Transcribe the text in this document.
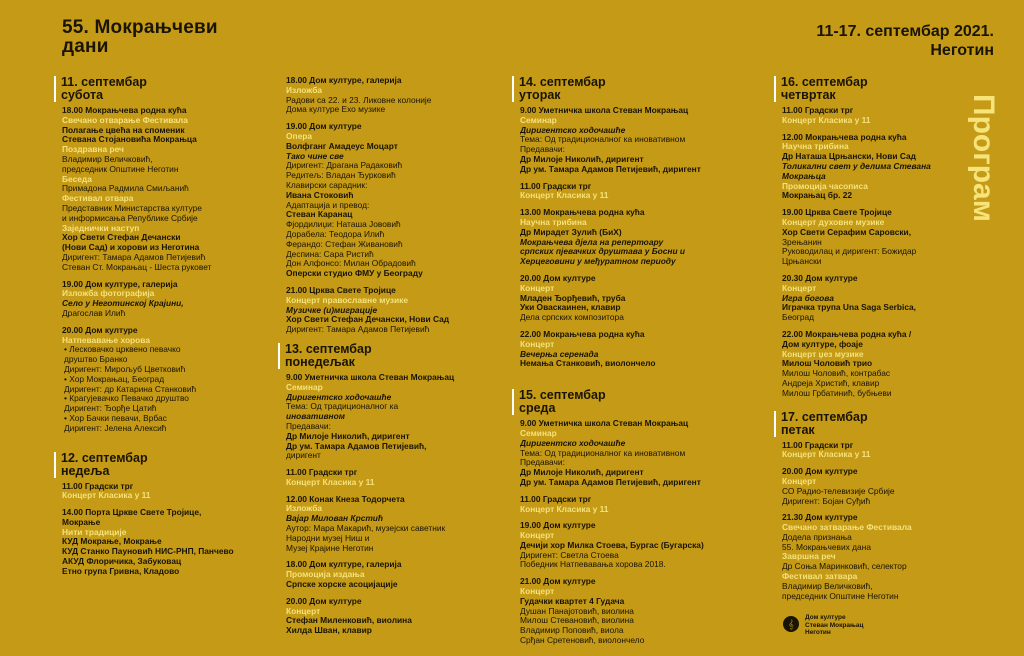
55. Мокрањчеви
дани
11-17. септембар 2021.
Неготин
Програм
11. септембар
субота
18.00 Мокрањчева родна кућа
Свечано отварање Фестивала
Полагање цвећа на споменик
Стевана Стојановића Мокрањца
Поздравна реч
Владимир Величковић,
председник Општине Неготин
Беседа
Примадона Радмила Смиљанић
Фестивал отвара
Представник Министарства културе
и информисања Републике Србије
Заједнички наступ
Хор Свети Стефан Дечански
(Нови Сад) и хорови из Неготина
Диригент: Тамара Адамов Петијевић
Стеван Ст. Мокрањац - Шеста руковет
19.00 Дом културе, галерија
Изложба фотографија
Село у Неготинској Крајини,
Драгослав Илић
20.00 Дом културе
Натпевавање хорова
• Лесковачко црквено певачко
друштво Бранко
Диригент: Мирољуб Цветковић
• Хор Мокрањац, Београд
Диригент: др Катарина Станковић
• Крагујевачко Певачко друштво
Диригент: Ђорђе Цатић
• Хор Бачки певачи, Врбас
Диригент: Јелена Алексић
12. септембар
недеља
11.00 Градски трг
Концерт Класика у 11
14.00 Порта Цркве Свете Тројице,
Мокрање
Нити традиције
КУД Мокрање, Мокрање
КУД Станко Пауновић НИС-РНП, Панчево
АКУД Флоричика, Забуковац
Етно група Гривна, Кладово
18.00 Дом културе, галерија
Изложба
Радови са 22. и 23. Ликовне колоније
Дома културе Ехо музике
19.00 Дом културе
Опера
Волфганг Амадеус Моцарт
Тако чине све
Диригент: Драгана Радаковић
Редитељ: Владан Ђурковић
Клавирски сарадник:
Ивана Стоковић
Адаптација и превод:
Стеван Каранац
Фјордилиџи: Наташа Јововић
Дорабела: Теодора Илић
Ферандо: Стефан Живановић
Деспина: Сара Ристић
Дон Алфонсо: Милан Обрадовић
Оперски студио ФМУ у Београду
21.00 Црква Свете Тројице
Концерт православне музике
Музичке (и)миграције
Хор Свети Стефан Дечански, Нови Сад
Диригент: Тамара Адамов Петијевић
13. септембар
понедељак
9.00 Уметничка школа Стеван Мокрањац
Семинар
Диригентско ходочашће
Тема: Од традиционалног ка
иновативном
Предавачи:
Др Милоје Николић, диригент
Др ум. Тамара Адамов Петијевић,
диригент
11.00 Градски трг
Концерт Класика у 11
12.00 Конак Кнеза Тодорчета
Изложба
Вајар Милован Крстић
Аутор: Мара Макарић, музејски саветник
Народни музеј Ниш и
Музеј Крајине Неготин
18.00 Дом културе, галерија
Промоција издања
Српске хорске асоцијације
20.00 Дом културе
Концерт
Стефан Миленковић, виолина
Хилда Шван, клавир
14. септембар
уторак
9.00 Уметничка школа Стеван Мокрањац
Семинар
Диригентско ходочашће
Тема: Од традиционалног ка иновативном
Предавачи:
Др Милоје Николић, диригент
Др ум. Тамара Адамов Петијевић, диригент
11.00 Градски трг
Концерт Класика у 11
13.00 Мокрањчева родна кућа
Научна трибина
Др Мирадет Зулић (БиХ)
Мокрањчева дјела на репертоару
српских пјевачких друштава у Босни и
Херцеговини у међуратном периоду
20.00 Дом културе
Концерт
Младен Ђорђевић, труба
Уки Оваскаинен, клавир
Дела српских композитора
22.00 Мокрањчева родна кућа
Концерт
Вечерња серенада
Немања Станковић, виолончело
15. септембар
среда
9.00 Уметничка школа Стеван Мокрањац
Семинар
Диригентско ходочашће
Тема: Од традиционалног ка иновативном
Предавачи:
Др Милоје Николић, диригент
Др ум. Тамара Адамов Петијевић, диригент
11.00 Градски трг
Концерт Класика у 11
19.00 Дом културе
Концерт
Дечији хор Милка Стоева, Бургас (Бугарска)
Диригент: Светла Стоева
Победник Натпевавања хорова 2018.
21.00 Дом културе
Концерт
Гудачки квартет 4 Гудача
Душан Панајотовић, виолина
Милош Стевановић, виолина
Владимир Поповић, виола
Срђан Сретеновић, виолончело
16. септембар
четвртак
11.00 Градски трг
Концерт Класика у 11
12.00 Мокрањчева родна кућа
Научна трибина
Др Наташа Црњански, Нови Сад
Толикални свет у делима Стевана
Мокрањца
Промоција часописа
Мокрањац бр. 22
19.00 Црква Свете Тројице
Концерт духовне музике
Хор Свети Серафим Саровски,
Зрењанин
Руководилац и диригент: Божидар
Црњански
20.30 Дом културе
Концерт
Игра богова
Играчка трупа Una Saga Serbica,
Београд
22.00 Мокрањчева родна кућа /
Дом културе, фоаје
Концерт џез музике
Милош Чоловић трио
Милош Чоловић, контрабас
Андреја Христић, клавир
Милош Грбатинић, бубњеви
17. септембар
петак
11.00 Градски трг
Концерт Класика у 11
20.00 Дом културе
Концерт
СО Радио-телевизије Србије
Диригент: Бојан Суђић
21.30 Дом културе
Свечано затварање Фестивала
Додела признања
55. Мокрањчевих дана
Завршна реч
Др Соња Маринковић, селектор
Фестивал затвара
Владимир Величковић,
председник Општине Неготин
𝄞
Дом културе
Стеван Мокрањац
Неготин
